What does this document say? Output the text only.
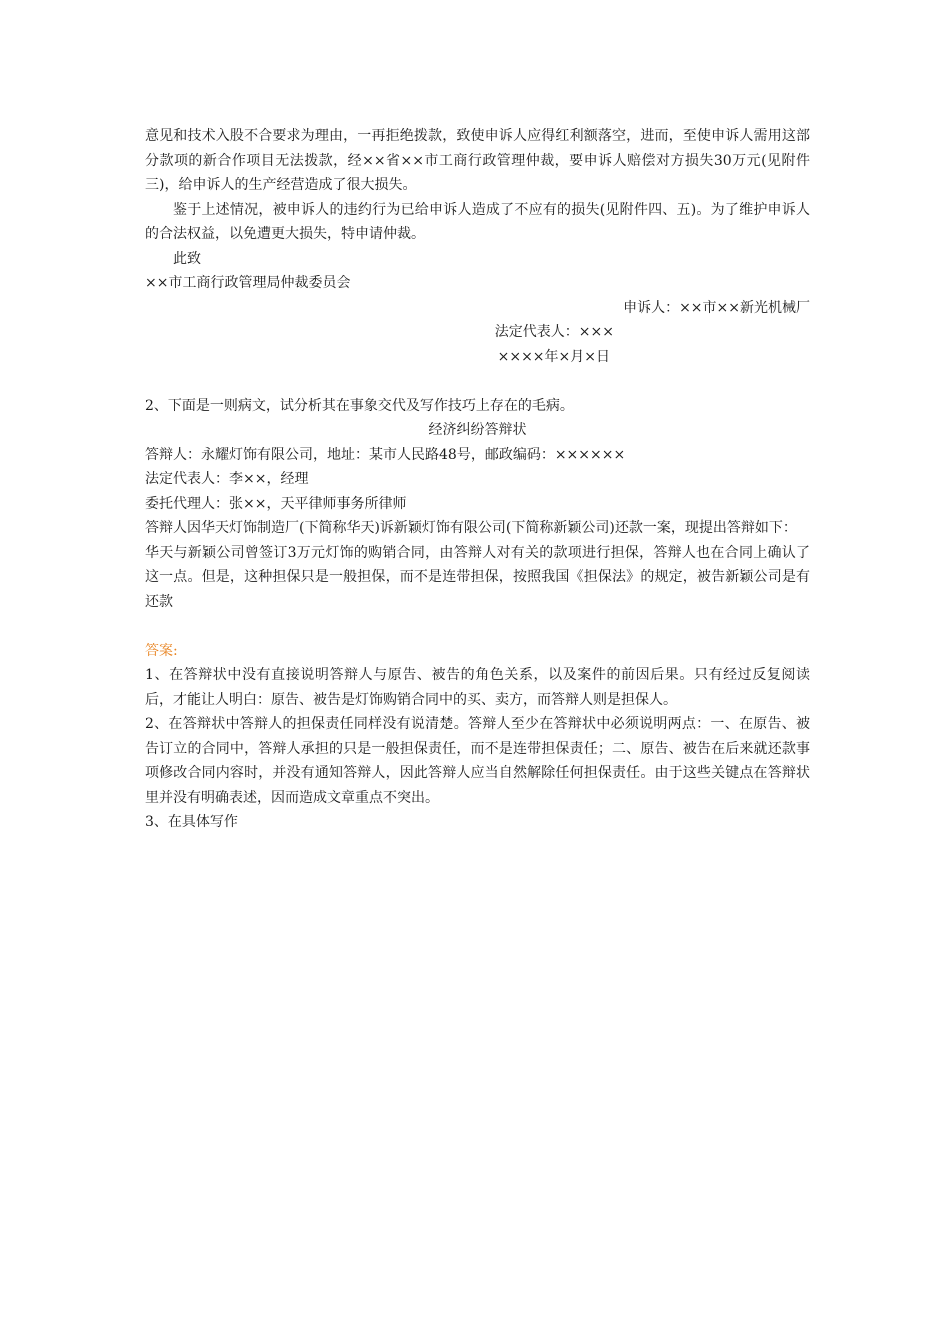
意见和技术入股不合要求为理由，一再拒绝拨款，致使申诉人应得红利额落空，进而，至使申诉人需用这部分款项的新合作项目无法拨款，经××省××市工商行政管理仲裁，要申诉人赔偿对方损失30万元(见附件三)，给申诉人的生产经营造成了很大损失。

鉴于上述情况，被申诉人的违约行为已给申诉人造成了不应有的损失(见附件四、五)。为了维护申诉人的合法权益，以免遭更大损失，特申请仲裁。

此致

××市工商行政管理局仲裁委员会

申诉人：××市××新光机械厂

法定代表人：×××

××××年×月×日

2、下面是一则病文，试分析其在事象交代及写作技巧上存在的毛病。

经济纠纷答辩状

答辩人：永耀灯饰有限公司，地址：某市人民路48号，邮政编码：××××××

法定代表人：李××，经理

委托代理人：张××，天平律师事务所律师

答辩人因华天灯饰制造厂(下简称华天)诉新颖灯饰有限公司(下简称新颖公司)还款一案，现提出答辩如下：

华天与新颖公司曾签订3万元灯饰的购销合同，由答辩人对有关的款项进行担保，答辩人也在合同上确认了这一点。但是，这种担保只是一般担保，而不是连带担保，按照我国《担保法》的规定，被告新颖公司是有还款

答案:

1、在答辩状中没有直接说明答辩人与原告、被告的角色关系，以及案件的前因后果。只有经过反复阅读后，才能让人明白：原告、被告是灯饰购销合同中的买、卖方，而答辩人则是担保人。

2、在答辩状中答辩人的担保责任同样没有说清楚。答辩人至少在答辩状中必须说明两点：一、在原告、被告订立的合同中，答辩人承担的只是一般担保责任，而不是连带担保责任；二、原告、被告在后来就还款事项修改合同内容时，并没有通知答辩人，因此答辩人应当自然解除任何担保责任。由于这些关键点在答辩状里并没有明确表述，因而造成文章重点不突出。

3、在具体写作
